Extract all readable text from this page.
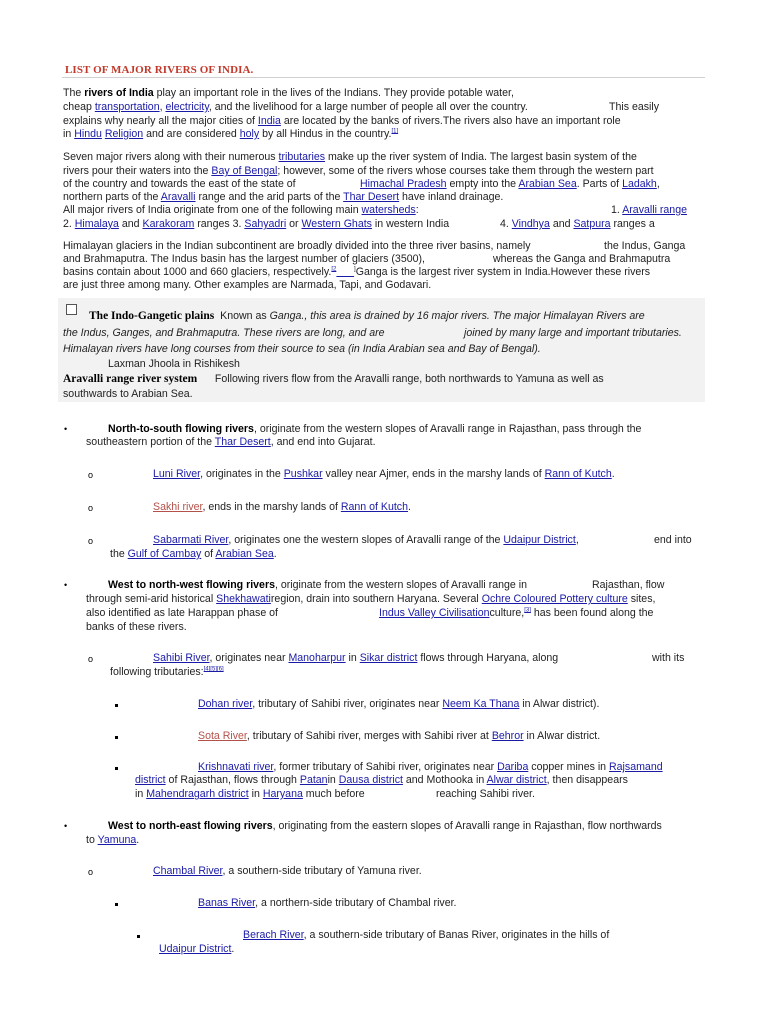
LIST OF MAJOR RIVERS OF INDIA.
The rivers of India play an important role in the lives of the Indians. They provide potable water,
cheap transportation, electricity, and the livelihood for a large number of people all over the country.	This easily
explains why nearly all the major cities of India are located by the banks of rivers.The rivers also have an important role
in Hindu Religion and are considered holy by all Hindus in the country.[1]
Seven major rivers along with their numerous tributaries make up the river system of India. The largest basin system of the
rivers pour their waters into the Bay of Bengal; however, some of the rivers whose courses take them through the western part
of the country and towards the east of the state of	Himachal Pradesh empty into the Arabian Sea. Parts of Ladakh,
northern parts of the Aravalli range and the arid parts of the Thar Desert have inland drainage.
All major rivers of India originate from one of the following main watersheds:	1. Aravalli range
2. Himalaya and Karakoram ranges 3. Sahyadri or Western Ghats in western India	4. Vindhya and Satpura ranges a
Himalayan glaciers in the Indian subcontinent are broadly divided into the three river basins, namely	the Indus, Ganga
and Brahmaputra. The Indus basin has the largest number of glaciers (3500),	whereas the Ganga and Brahmaputra
basins contain about 1000 and 660 glaciers, respectively.$^{[2}$	]Ganga is the largest river system in India.However these rivers
are just three among many. Other examples are Narmada, Tapi, and Godavari.
The Indo-Gangetic plains Known as Ganga., this area is drained by 16 major rivers. The major Himalayan Rivers are
the Indus, Ganges, and Brahmaputra. These rivers are long, and are	joined by many large and important tributaries.
Himalayan rivers have long courses from their source to sea (in India Arabian sea and Bay of Bengal).
Laxman Jhoola in Rishikesh
Aravalli range river system Following rivers flow from the Aravalli range, both northwards to Yamuna as well as
southwards to Arabian Sea.
•	North-to-south flowing rivers, originate from the western slopes of Aravalli range in Rajasthan, pass through the
southeastern portion of the Thar Desert, and end into Gujarat.
o	Luni River, originates in the Pushkar valley near Ajmer, ends in the marshy lands of Rann of Kutch.
o	Sakhi river, ends in the marshy lands of Rann of Kutch.
o	Sabarmati River, originates one the western slopes of Aravalli range of the Udaipur District,	end into
the Gulf of Cambay of Arabian Sea.
•	West to north-west flowing rivers, originate from the western slopes of Aravalli range in	Rajasthan, flow
through semi-arid historical Shekhawatiregion, drain into southern Haryana. Several Ochre Coloured Pottery culture sites,
also identified as late Harappan phase of	Indus Valley Civilisationculture,[3] has been found along the
banks of these rivers.
o	Sahibi River, originates near Manoharpur in Sikar district flows through Haryana, along	with its
following tributaries:[4][5][6]
Dohan river, tributary of Sahibi river, originates near Neem Ka Thana in Alwar district).
Sota River, tributary of Sahibi river, merges with Sahibi river at Behror in Alwar district.
Krishnavati river, former tributary of Sahibi river, originates near Dariba copper mines in Rajsamand
district of Rajasthan, flows through Patanin Dausa district and Mothooka in Alwar district, then disappears
in Mahendragarh district in Haryana much before	reaching Sahibi river.
•	West to north-east flowing rivers, originating from the eastern slopes of Aravalli range in Rajasthan, flow northwards
to Yamuna.
o	Chambal River, a southern-side tributary of Yamuna river.
Banas River, a northern-side tributary of Chambal river.
Berach River, a southern-side tributary of Banas River, originates in the hills of
Udaipur District.
